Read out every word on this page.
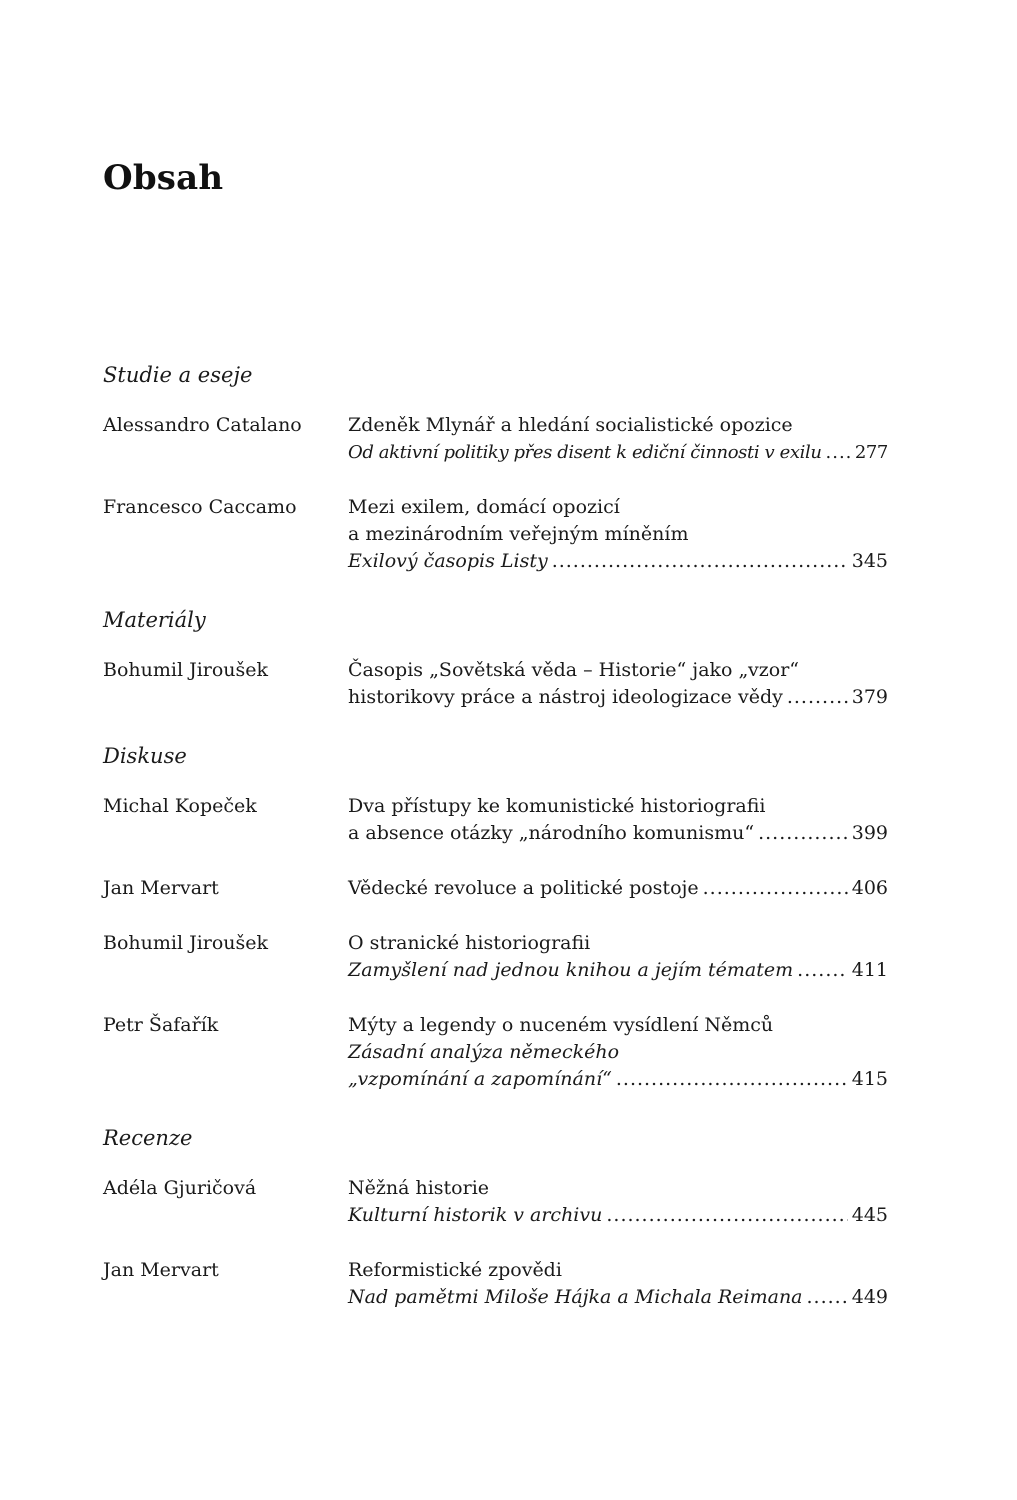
Obsah
Studie a eseje
Alessandro Catalano	Zdeněk Mlynář a hledání socialistické opozice
Od aktivní politiky přes disent k ediční činnosti v exilu ..... 277
Francesco Caccamo	Mezi exilem, domácí opozicí
a mezinárodním veřejným míněním
Exilový časopis Listy .....	345
Materiály
Bohumil Jiroušek	Časopis „Sovětská věda – Historie“ jako „vzor“
historikovy práce a nástroj ideologizace vědy .....	379
Diskuse
Michal Kopeček	Dva přístupy ke komunistické historiografii
a absence otázky „národního komunismu“ .....	399
Jan Mervart	Vědecké revoluce a politické postoje .....	406
Bohumil Jiroušek	O stranické historiografii
Zamyšlení nad jednou knihou a jejím tématem .....	411
Petr Šafařík	Mýty a legendy o nuceném vysídlení Němců
Zásadní analýza německého
„vzpomínání a zapomínání“ .....	415
Recenze
Adéla Gjuričová	Něžná historie
Kulturní historik v archivu .....	445
Jan Mervart	Reformistické zpovědi
Nad pamětmi Miloše Hájka a Michala Reimana .....	449
